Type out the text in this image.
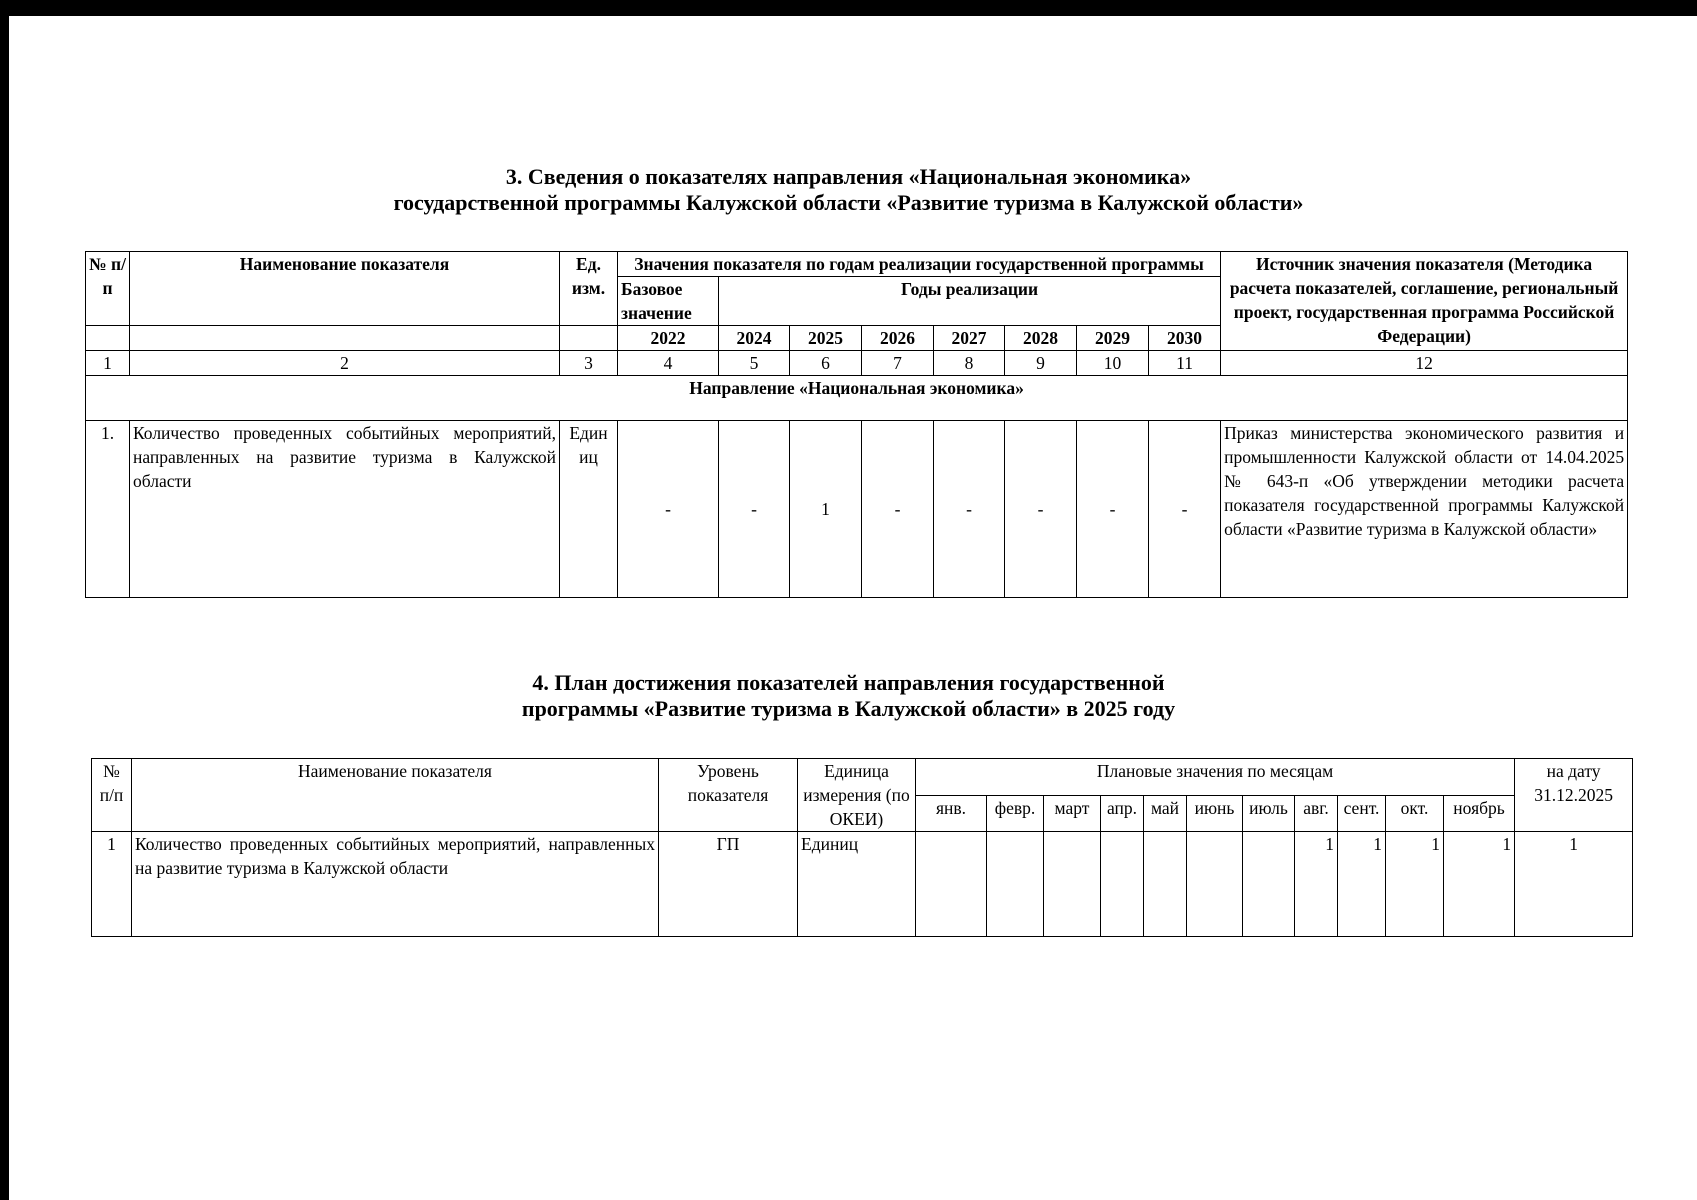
3. Сведения о показателях направления «Национальная экономика»
государственной программы Калужской области «Развитие туризма в Калужской области»
№ п/п	Наименование показателя	Ед. изм.	Значения показателя по годам реализации государственной программы								Источник значения показателя (Методика расчета показателей, соглашение, региональный проект, государственная программа Российской Федерации)
			Базовое значение	Годы реализации							

			2022	2024	2025	2026	2027	2028	2029	2030	
1	2	3	4	5	6	7	8	9	10	11	12
Направление «Национальная экономика»											
1.	Количество проведенных событийных мероприятий, направленных на развитие туризма в Калужской области	Един иц	-	-	1	-	-	-	-	-	Приказ министерства экономического развития и промышленности Калужской области от 14.04.2025 № 643-п «Об утверждении методики расчета показателя государственной программы Калужской области «Развитие туризма в Калужской области»
4. План достижения показателей направления государственной
программы «Развитие туризма в Калужской области» в 2025 году
№ п/п	Наименование показателя	Уровень показателя	Единица измерения (по ОКЕИ)	Плановые значения по месяцам											на дату 31.12.2025
				янв.	февр.	март	апр.	май	июнь	июль	авг.	сент.	окт.	ноябрь	
1	Количество проведенных событийных мероприятий, направленных на развитие туризма в Калужской области	ГП	Единиц								1	1	1	1	1
